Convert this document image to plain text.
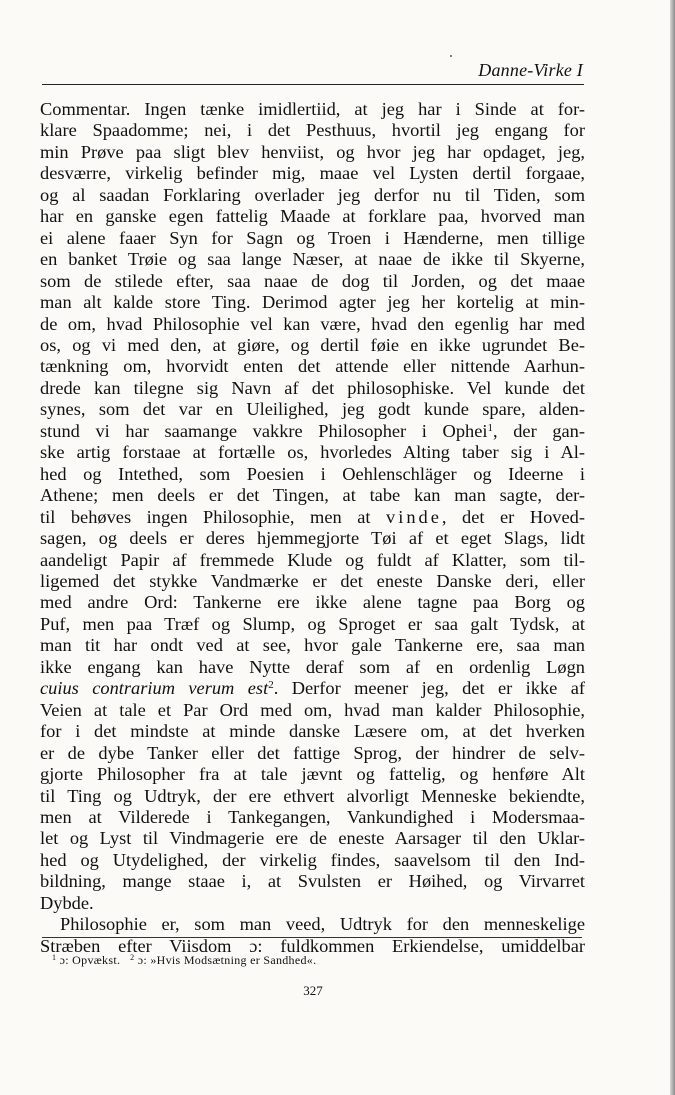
Danne-Virke I
Commentar. Ingen tænke imidlertiid, at jeg har i Sinde at for-
klare Spaadomme; nei, i det Pesthuus, hvortil jeg engang for
min Prøve paa sligt blev henviist, og hvor jeg har opdaget, jeg,
desværre, virkelig befinder mig, maae vel Lysten dertil forgaae,
og al saadan Forklaring overlader jeg derfor nu til Tiden, som
har en ganske egen fattelig Maade at forklare paa, hvorved man
ei alene faaer Syn for Sagn og Troen i Hænderne, men tillige
en banket Trøie og saa lange Næser, at naae de ikke til Skyerne,
som de stilede efter, saa naae de dog til Jorden, og det maae
man alt kalde store Ting. Derimod agter jeg her kortelig at min-
de om, hvad Philosophie vel kan være, hvad den egenlig har med
os, og vi med den, at giøre, og dertil føie en ikke ugrundet Be-
tænkning om, hvorvidt enten det attende eller nittende Aarhun-
drede kan tilegne sig Navn af det philosophiske. Vel kunde det
synes, som det var en Uleilighed, jeg godt kunde spare, alden-
stund vi har saamange vakkre Philosopher i Ophei$^1$, der gan-
ske artig forstaae at fortælle os, hvorledes Alting taber sig i Al-
hed og Intethed, som Poesien i Oehlenschläger og Ideerne i
Athene; men deels er det Tingen, at tabe kan man sagte, der-
til behøves ingen Philosophie, men at vinde, det er Hoved-
sagen, og deels er deres hjemmegjorte Tøi af et eget Slags, lidt
aandeligt Papir af fremmede Klude og fuldt af Klatter, som til-
ligemed det stykke Vandmærke er det eneste Danske deri, eller
med andre Ord: Tankerne ere ikke alene tagne paa Borg og
Puf, men paa Træf og Slump, og Sproget er saa galt Tydsk, at
man tit har ondt ved at see, hvor gale Tankerne ere, saa man
ikke engang kan have Nytte deraf som af en ordenlig Løgn
cuius contrarium verum est$^2$. Derfor meener jeg, det er ikke af
Veien at tale et Par Ord med om, hvad man kalder Philosophie,
for i det mindste at minde danske Læsere om, at det hverken
er de dybe Tanker eller det fattige Sprog, der hindrer de selv-
gjorte Philosopher fra at tale jævnt og fattelig, og henføre Alt
til Ting og Udtryk, der ere ethvert alvorligt Menneske bekiendte,
men at Vilderede i Tankegangen, Vankundighed i Modersmaa-
let og Lyst til Vindmagerie ere de eneste Aarsager til den Uklar-
hed og Utydelighed, der virkelig findes, saavelsom til den Ind-
bildning, mange staae i, at Svulsten er Høihed, og Virvarret
Dybde.
Philosophie er, som man veed, Udtryk for den menneskelige
Stræben efter Viisdom ɔ: fuldkommen Erkiendelse, umiddelbar
$^1$ ɔ: Opvækst. $^2$ ɔ: »Hvis Modsætning er Sandhed«.
327
